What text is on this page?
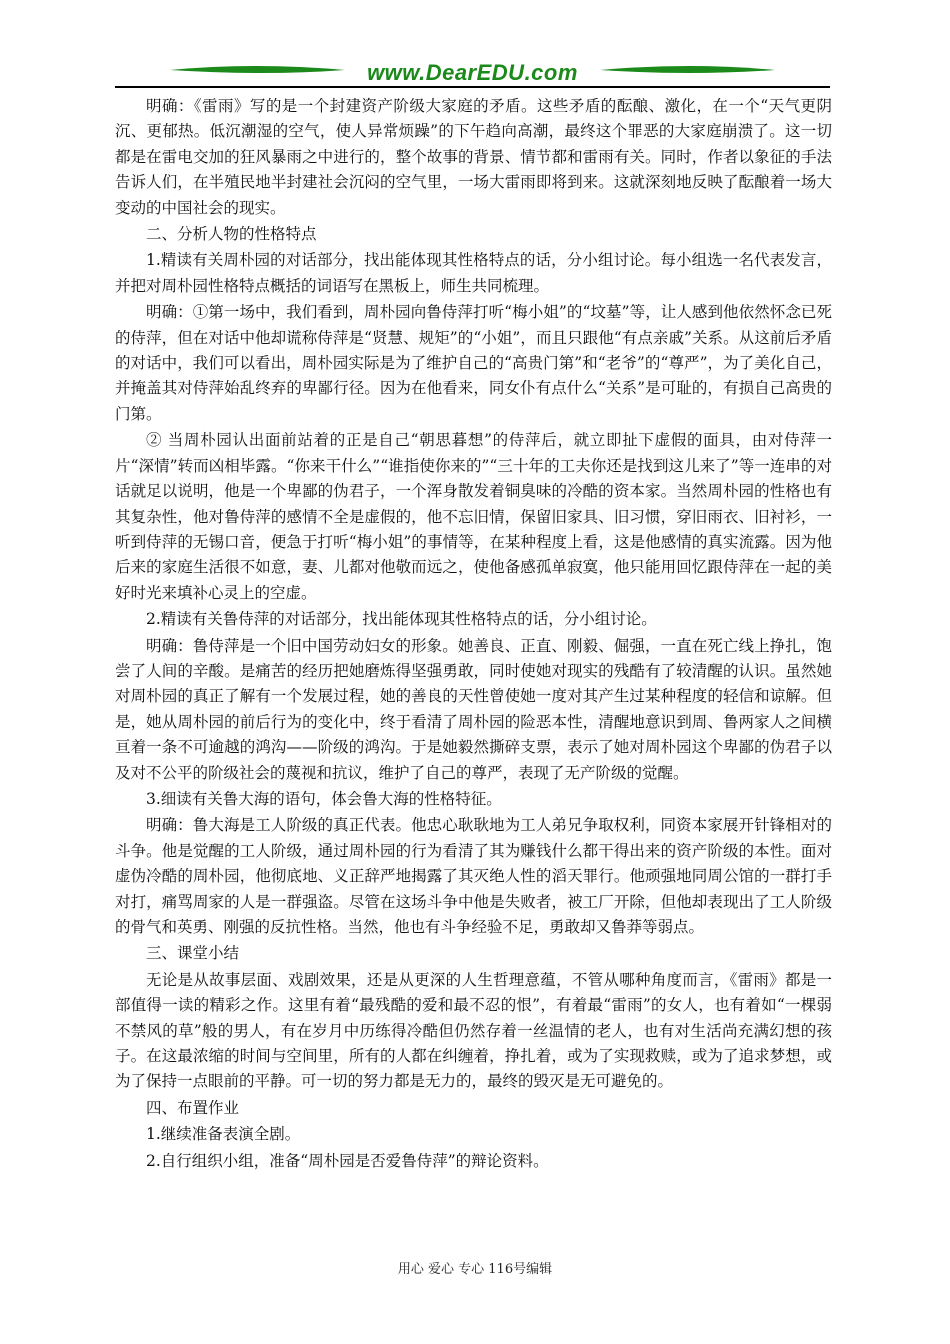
www.DearEDU.com

明确：《雷雨》写的是一个封建资产阶级大家庭的矛盾。这些矛盾的酝酿、激化，在一个“天气更阴沉、更郁热。低沉潮湿的空气，使人异常烦躁”的下午趋向高潮，最终这个罪恶的大家庭崩溃了。这一切都是在雷电交加的狂风暴雨之中进行的，整个故事的背景、情节都和雷雨有关。同时，作者以象征的手法告诉人们，在半殖民地半封建社会沉闷的空气里，一场大雷雨即将到来。这就深刻地反映了酝酿着一场大变动的中国社会的现实。

二、分析人物的性格特点

1.精读有关周朴园的对话部分，找出能体现其性格特点的话，分小组讨论。每小组选一名代表发言，并把对周朴园性格特点概括的词语写在黑板上，师生共同梳理。

明确：①第一场中，我们看到，周朴园向鲁侍萍打听“梅小姐”的“坟墓”等，让人感到他依然怀念已死的侍萍，但在对话中他却谎称侍萍是“贤慧、规矩”的“小姐”，而且只跟他“有点亲戚”关系。从这前后矛盾的对话中，我们可以看出，周朴园实际是为了维护自己的“高贵门第”和“老爷”的“尊严”，为了美化自己，并掩盖其对侍萍始乱终弃的卑鄙行径。因为在他看来，同女仆有点什么“关系”是可耻的，有损自己高贵的门第。

② 当周朴园认出面前站着的正是自己“朝思暮想”的侍萍后，就立即扯下虚假的面具，由对侍萍一片“深情”转而凶相毕露。“你来干什么”“谁指使你来的”“三十年的工夫你还是找到这儿来了”等一连串的对话就足以说明，他是一个卑鄙的伪君子，一个浑身散发着铜臭味的冷酷的资本家。当然周朴园的性格也有其复杂性，他对鲁侍萍的感情不全是虚假的，他不忘旧情，保留旧家具、旧习惯，穿旧雨衣、旧衬衫，一听到侍萍的无锡口音，便急于打听“梅小姐”的事情等，在某种程度上看，这是他感情的真实流露。因为他后来的家庭生活很不如意，妻、儿都对他敬而远之，使他备感孤单寂寞，他只能用回忆跟侍萍在一起的美好时光来填补心灵上的空虚。

2.精读有关鲁侍萍的对话部分，找出能体现其性格特点的话，分小组讨论。

明确：鲁侍萍是一个旧中国劳动妇女的形象。她善良、正直、刚毅、倔强，一直在死亡线上挣扎，饱尝了人间的辛酸。是痛苦的经历把她磨炼得坚强勇敢，同时使她对现实的残酷有了较清醒的认识。虽然她对周朴园的真正了解有一个发展过程，她的善良的天性曾使她一度对其产生过某种程度的轻信和谅解。但是，她从周朴园的前后行为的变化中，终于看清了周朴园的险恶本性，清醒地意识到周、鲁两家人之间横亘着一条不可逾越的鸿沟——阶级的鸿沟。于是她毅然撕碎支票，表示了她对周朴园这个卑鄙的伪君子以及对不公平的阶级社会的蔑视和抗议，维护了自己的尊严，表现了无产阶级的觉醒。

3.细读有关鲁大海的语句，体会鲁大海的性格特征。

明确：鲁大海是工人阶级的真正代表。他忠心耿耿地为工人弟兄争取权利，同资本家展开针锋相对的斗争。他是觉醒的工人阶级，通过周朴园的行为看清了其为赚钱什么都干得出来的资产阶级的本性。面对虚伪冷酷的周朴园，他彻底地、义正辞严地揭露了其灭绝人性的滔天罪行。他顽强地同周公馆的一群打手对打，痛骂周家的人是一群强盗。尽管在这场斗争中他是失败者，被工厂开除，但他却表现出了工人阶级的骨气和英勇、刚强的反抗性格。当然，他也有斗争经验不足，勇敢却又鲁莽等弱点。

三、课堂小结

无论是从故事层面、戏剧效果，还是从更深的人生哲理意蕴，不管从哪种角度而言，《雷雨》都是一部值得一读的精彩之作。这里有着“最残酷的爱和最不忍的恨”，有着最“雷雨”的女人，也有着如“一棵弱不禁风的草”般的男人，有在岁月中历练得冷酷但仍然存着一丝温情的老人，也有对生活尚充满幻想的孩子。在这最浓缩的时间与空间里，所有的人都在纠缠着，挣扎着，或为了实现救赎，或为了追求梦想，或为了保持一点眼前的平静。可一切的努力都是无力的，最终的毁灭是无可避免的。

四、布置作业

1.继续准备表演全剧。

2.自行组织小组，准备“周朴园是否爱鲁侍萍”的辩论资料。

用心 爱心 专心 116号编辑
